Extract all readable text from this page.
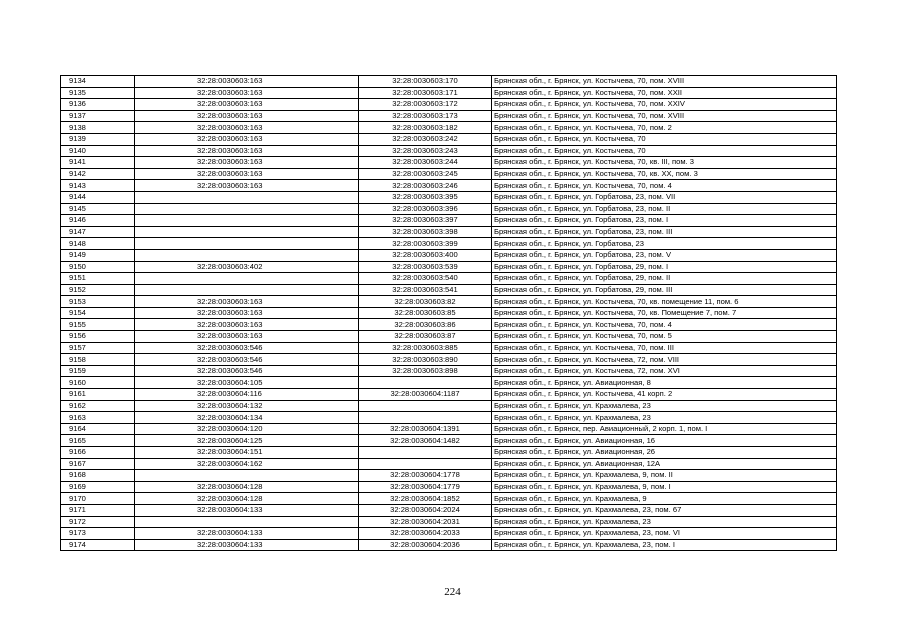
9134	32:28:0030603:163	32:28:0030603:170	Брянская обл., г. Брянск, ул. Костычева, 70, пом. XVIII
9135	32:28:0030603:163	32:28:0030603:171	Брянская обл., г. Брянск, ул. Костычева, 70, пом. XXII
9136	32:28:0030603:163	32:28:0030603:172	Брянская обл., г. Брянск, ул. Костычева, 70, пом. XXIV
9137	32:28:0030603:163	32:28:0030603:173	Брянская обл., г. Брянск, ул. Костычева, 70, пом. XVIII
9138	32:28:0030603:163	32:28:0030603:182	Брянская обл., г. Брянск, ул. Костычева, 70, пом. 2
9139	32:28:0030603:163	32:28:0030603:242	Брянская обл., г. Брянск, ул. Костычева, 70
9140	32:28:0030603:163	32:28:0030603:243	Брянская обл., г. Брянск, ул. Костычева, 70
9141	32:28:0030603:163	32:28:0030603:244	Брянская обл., г. Брянск, ул. Костычева, 70, кв. III, пом. 3
9142	32:28:0030603:163	32:28:0030603:245	Брянская обл., г. Брянск, ул. Костычева, 70, кв. XX, пом. 3
9143	32:28:0030603:163	32:28:0030603:246	Брянская обл., г. Брянск, ул. Костычева, 70, пом. 4
9144		32:28:0030603:395	Брянская обл., г. Брянск, ул. Горбатова, 23, пом. VII
9145		32:28:0030603:396	Брянская обл., г. Брянск, ул. Горбатова, 23, пом. II
9146		32:28:0030603:397	Брянская обл., г. Брянск, ул. Горбатова, 23, пом. I
9147		32:28:0030603:398	Брянская обл., г. Брянск, ул. Горбатова, 23, пом. III
9148		32:28:0030603:399	Брянская обл., г. Брянск, ул. Горбатова, 23
9149		32:28:0030603:400	Брянская обл., г. Брянск, ул. Горбатова, 23, пом. V
9150	32:28:0030603:402	32:28:0030603:539	Брянская обл., г. Брянск, ул. Горбатова, 29, пом. I
9151		32:28:0030603:540	Брянская обл., г. Брянск, ул. Горбатова, 29, пом. II
9152		32:28:0030603:541	Брянская обл., г. Брянск, ул. Горбатова, 29, пом. III
9153	32:28:0030603:163	32:28:0030603:82	Брянская обл., г. Брянск, ул. Костычева, 70, кв. помещение 11, пом. 6
9154	32:28:0030603:163	32:28:0030603:85	Брянская обл., г. Брянск, ул. Костычева, 70, кв. Помещение 7, пом. 7
9155	32:28:0030603:163	32:28:0030603:86	Брянская обл., г. Брянск, ул. Костычева, 70, пом. 4
9156	32:28:0030603:163	32:28:0030603:87	Брянская обл., г. Брянск, ул. Костычева, 70, пом. 5
9157	32:28:0030603:546	32:28:0030603:885	Брянская обл., г. Брянск, ул. Костычева, 70, пом. III
9158	32:28:0030603:546	32:28:0030603:890	Брянская обл., г. Брянск, ул. Костычева, 72, пом. VIII
9159	32:28:0030603:546	32:28:0030603:898	Брянская обл., г. Брянск, ул. Костычева, 72, пом. XVI
9160	32:28:0030604:105		Брянская обл., г. Брянск, ул. Авиационная, 8
9161	32:28:0030604:116	32:28:0030604:1187	Брянская обл., г. Брянск, ул. Костычева, 41 корп. 2
9162	32:28:0030604:132		Брянская обл., г. Брянск, ул. Крахмалева, 23
9163	32:28:0030604:134		Брянская обл., г. Брянск, ул. Крахмалева, 23
9164	32:28:0030604:120	32:28:0030604:1391	Брянская обл., г. Брянск, пер. Авиационный, 2 корп. 1, пом. I
9165	32:28:0030604:125	32:28:0030604:1482	Брянская обл., г. Брянск, ул. Авиационная, 16
9166	32:28:0030604:151		Брянская обл., г. Брянск, ул. Авиационная, 26
9167	32:28:0030604:162		Брянская обл., г. Брянск, ул. Авиационная, 12А
9168		32:28:0030604:1778	Брянская обл., г. Брянск, ул. Крахмалева, 9, пом. II
9169	32:28:0030604:128	32:28:0030604:1779	Брянская обл., г. Брянск, ул. Крахмалева, 9, пом. I
9170	32:28:0030604:128	32:28:0030604:1852	Брянская обл., г. Брянск, ул. Крахмалева, 9
9171	32:28:0030604:133	32:28:0030604:2024	Брянская обл., г. Брянск, ул. Крахмалева, 23, пом. 67
9172		32:28:0030604:2031	Брянская обл., г. Брянск, ул. Крахмалева, 23
9173	32:28:0030604:133	32:28:0030604:2033	Брянская обл., г. Брянск, ул. Крахмалева, 23, пом. VI
9174	32:28:0030604:133	32:28:0030604:2036	Брянская обл., г. Брянск, ул. Крахмалева, 23, пом. I
224
